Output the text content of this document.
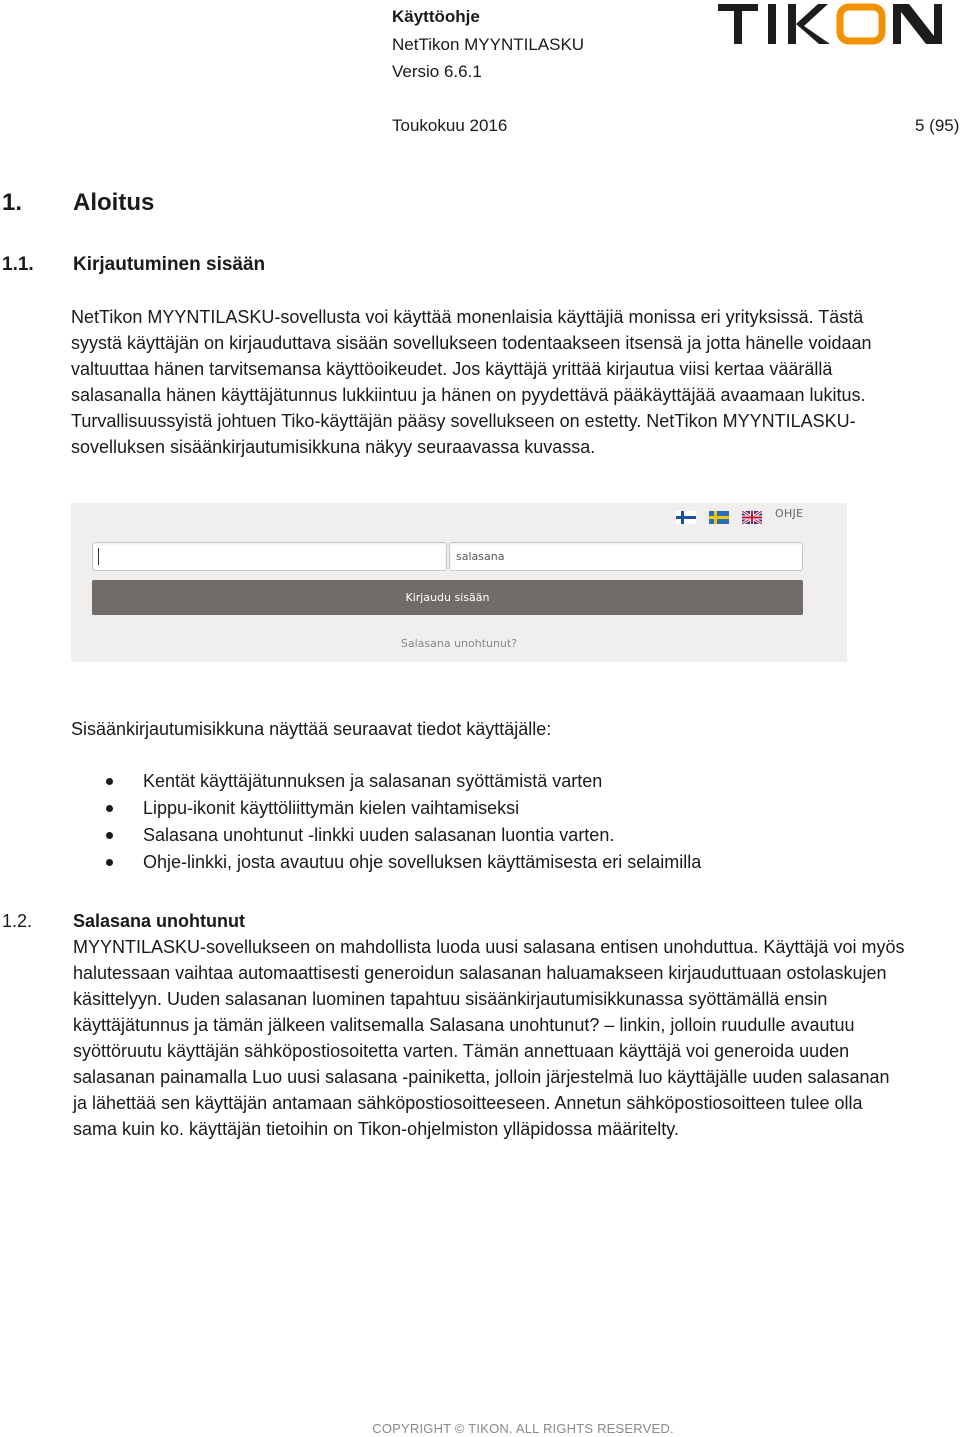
Käyttöohje
NetTikon MYYNTILASKU
Versio 6.6.1
Toukokuu 2016	5 (95)
1. Aloitus
1.1. Kirjautuminen sisään
NetTikon MYYNTILASKU-sovellusta voi käyttää monenlaisia käyttäjiä monissa eri yrityksissä. Tästä
syystä käyttäjän on kirjauduttava sisään sovellukseen todentaakseen itsensä ja jotta hänelle voidaan
valtuuttaa hänen tarvitsemansa käyttöoikeudet. Jos käyttäjä yrittää kirjautua viisi kertaa väärällä
salasanalla hänen käyttäjätunnus lukkiintuu ja hänen on pyydettävä pääkäyttäjää avaamaan lukitus.
Turvallisuussyistä johtuen Tiko-käyttäjän pääsy sovellukseen on estetty. NetTikon MYYNTILASKU-
sovelluksen sisäänkirjautumisikkuna näkyy seuraavassa kuvassa.
OHJE
salasana
Kirjaudu sisään
Salasana unohtunut?
Sisäänkirjautumisikkuna näyttää seuraavat tiedot käyttäjälle:
Kentät käyttäjätunnuksen ja salasanan syöttämistä varten
Lippu-ikonit käyttöliittymän kielen vaihtamiseksi
Salasana unohtunut -linkki uuden salasanan luontia varten.
Ohje-linkki, josta avautuu ohje sovelluksen käyttämisesta eri selaimilla
1.2. Salasana unohtunut
MYYNTILASKU-sovellukseen on mahdollista luoda uusi salasana entisen unohduttua. Käyttäjä voi myös
halutessaan vaihtaa automaattisesti generoidun salasanan haluamakseen kirjauduttuaan ostolaskujen
käsittelyyn. Uuden salasanan luominen tapahtuu sisäänkirjautumisikkunassa syöttämällä ensin
käyttäjätunnus ja tämän jälkeen valitsemalla Salasana unohtunut? – linkin, jolloin ruudulle avautuu
syöttöruutu käyttäjän sähköpostiosoitetta varten. Tämän annettuaan käyttäjä voi generoida uuden
salasanan painamalla Luo uusi salasana -painiketta, jolloin järjestelmä luo käyttäjälle uuden salasanan
ja lähettää sen käyttäjän antamaan sähköpostiosoitteeseen. Annetun sähköpostiosoitteen tulee olla
sama kuin ko. käyttäjän tietoihin on Tikon-ohjelmiston ylläpidossa määritelty.
COPYRIGHT © TIKON. ALL RIGHTS RESERVED.
